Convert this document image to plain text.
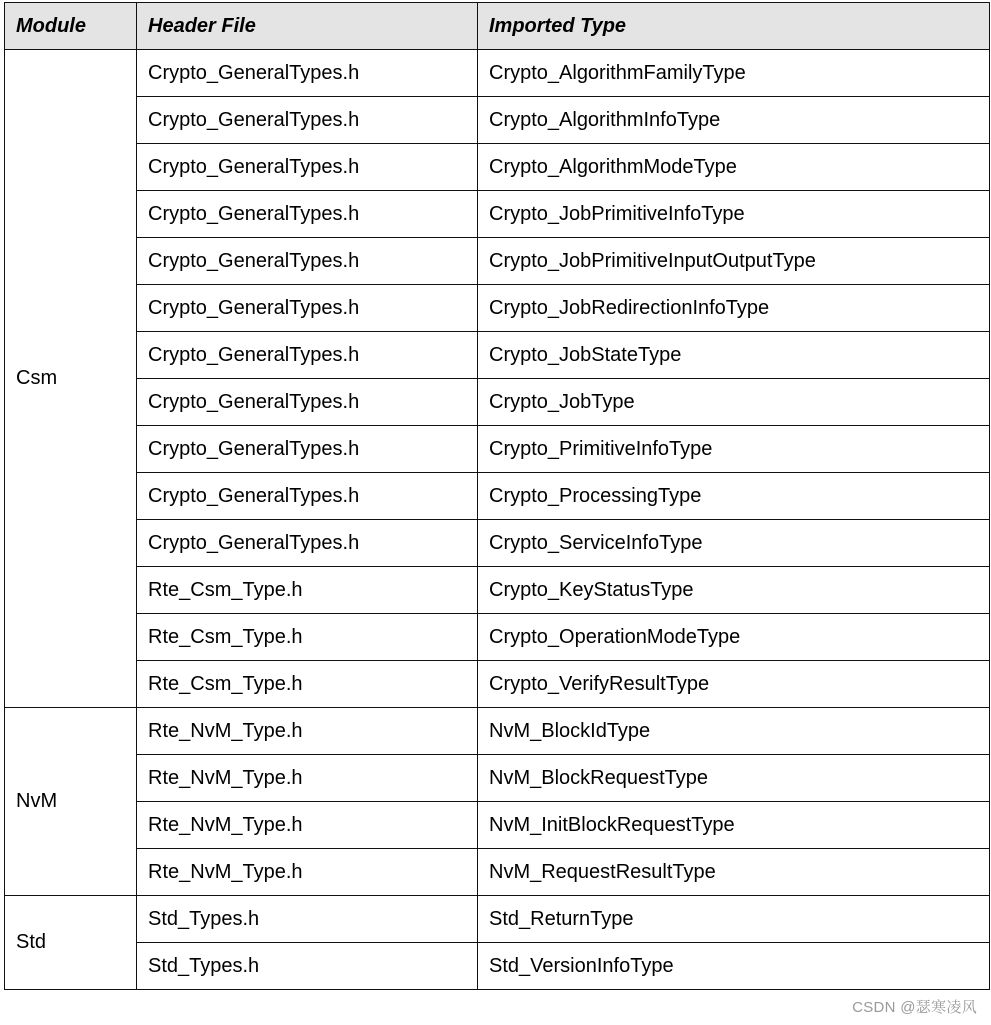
Module	Header File	Imported Type
Csm	Crypto_GeneralTypes.h	Crypto_AlgorithmFamilyType
	Crypto_GeneralTypes.h	Crypto_AlgorithmInfoType
	Crypto_GeneralTypes.h	Crypto_AlgorithmModeType
	Crypto_GeneralTypes.h	Crypto_JobPrimitiveInfoType
	Crypto_GeneralTypes.h	Crypto_JobPrimitiveInputOutputType
	Crypto_GeneralTypes.h	Crypto_JobRedirectionInfoType
	Crypto_GeneralTypes.h	Crypto_JobStateType
	Crypto_GeneralTypes.h	Crypto_JobType
	Crypto_GeneralTypes.h	Crypto_PrimitiveInfoType
	Crypto_GeneralTypes.h	Crypto_ProcessingType
	Crypto_GeneralTypes.h	Crypto_ServiceInfoType
	Rte_Csm_Type.h	Crypto_KeyStatusType
	Rte_Csm_Type.h	Crypto_OperationModeType
	Rte_Csm_Type.h	Crypto_VerifyResultType
NvM	Rte_NvM_Type.h	NvM_BlockIdType
	Rte_NvM_Type.h	NvM_BlockRequestType
	Rte_NvM_Type.h	NvM_InitBlockRequestType
	Rte_NvM_Type.h	NvM_RequestResultType
Std	Std_Types.h	Std_ReturnType
	Std_Types.h	Std_VersionInfoType
CSDN @瑟寒凌风
